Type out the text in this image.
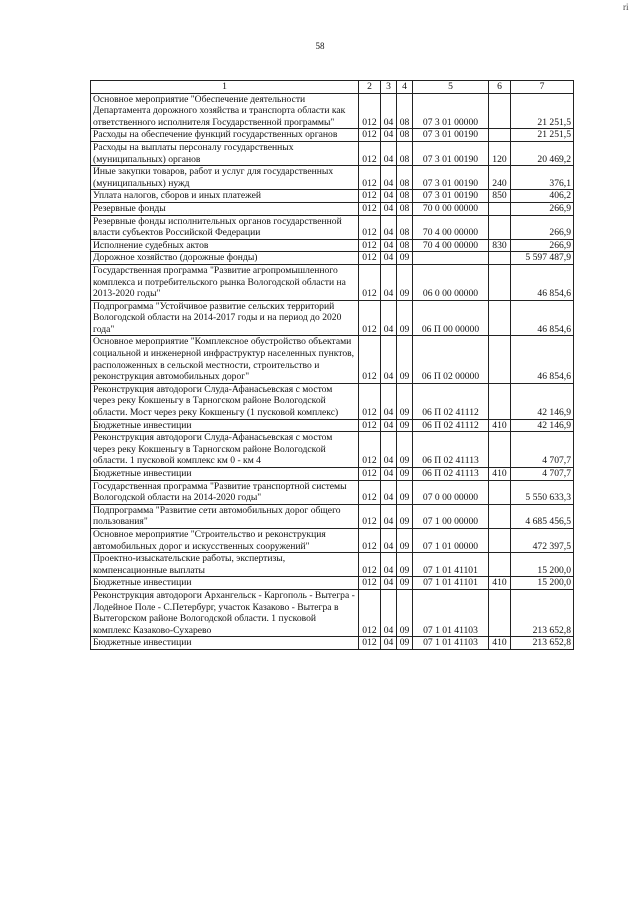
ri
58
1	2	3	4	5	6	7
Основное мероприятие "Обеспечение деятельности Департамента дорожного хозяйства и транспорта области как ответственного исполнителя Государственной программы"	012	04	08	07 3 01 00000		21 251,5
Расходы на обеспечение функций государственных органов	012	04	08	07 3 01 00190		21 251,5
Расходы на выплаты персоналу государственных (муниципальных) органов	012	04	08	07 3 01 00190	120	20 469,2
Иные закупки товаров, работ и услуг для государственных (муниципальных) нужд	012	04	08	07 3 01 00190	240	376,1
Уплата налогов, сборов и иных платежей	012	04	08	07 3 01 00190	850	406,2
Резервные фонды	012	04	08	70 0 00 00000		266,9
Резервные фонды исполнительных органов государственной власти субъектов Российской Федерации	012	04	08	70 4 00 00000		266,9
Исполнение судебных актов	012	04	08	70 4 00 00000	830	266,9
Дорожное хозяйство (дорожные фонды)	012	04	09			5 597 487,9
Государственная программа "Развитие агропромышленного комплекса и потребительского рынка Вологодской области на 2013-2020 годы"	012	04	09	06 0 00 00000		46 854,6
Подпрограмма "Устойчивое развитие сельских территорий Вологодской области на 2014-2017 годы и на период до 2020 года"	012	04	09	06 П 00 00000		46 854,6
Основное мероприятие "Комплексное обустройство объектами социальной и инженерной инфраструктур населенных пунктов, расположенных в сельской местности, строительство и реконструкция автомобильных дорог"	012	04	09	06 П 02 00000		46 854,6
Реконструкция автодороги Слуда-Афанасьевская с мостом через реку Кокшеньгу в Тарногском районе Вологодской области. Мост через реку Кокшеньгу (1 пусковой комплекс)	012	04	09	06 П 02 41112		42 146,9
Бюджетные инвестиции	012	04	09	06 П 02 41112	410	42 146,9
Реконструкция автодороги Слуда-Афанасьевская с мостом через реку Кокшеньгу в Тарногском районе Вологодской области. 1 пусковой комплекс км 0 - км 4	012	04	09	06 П 02 41113		4 707,7
Бюджетные инвестиции	012	04	09	06 П 02 41113	410	4 707,7
Государственная программа "Развитие транспортной системы Вологодской области на 2014-2020 годы"	012	04	09	07 0 00 00000		5 550 633,3
Подпрограмма "Развитие сети автомобильных дорог общего пользования"	012	04	09	07 1 00 00000		4 685 456,5
Основное мероприятие "Строительство и реконструкция автомобильных дорог и искусственных сооружений"	012	04	09	07 1 01 00000		472 397,5
Проектно-изыскательские работы, экспертизы, компенсационные выплаты	012	04	09	07 1 01 41101		15 200,0
Бюджетные инвестиции	012	04	09	07 1 01 41101	410	15 200,0
Реконструкция автодороги Архангельск - Каргополь - Вытегра - Лодейное Поле - С.Петербург, участок Казаково - Вытегра в Вытегорском районе Вологодской области. 1 пусковой комплекс Казаково-Сухарево	012	04	09	07 1 01 41103		213 652,8
Бюджетные инвестиции	012	04	09	07 1 01 41103	410	213 652,8
